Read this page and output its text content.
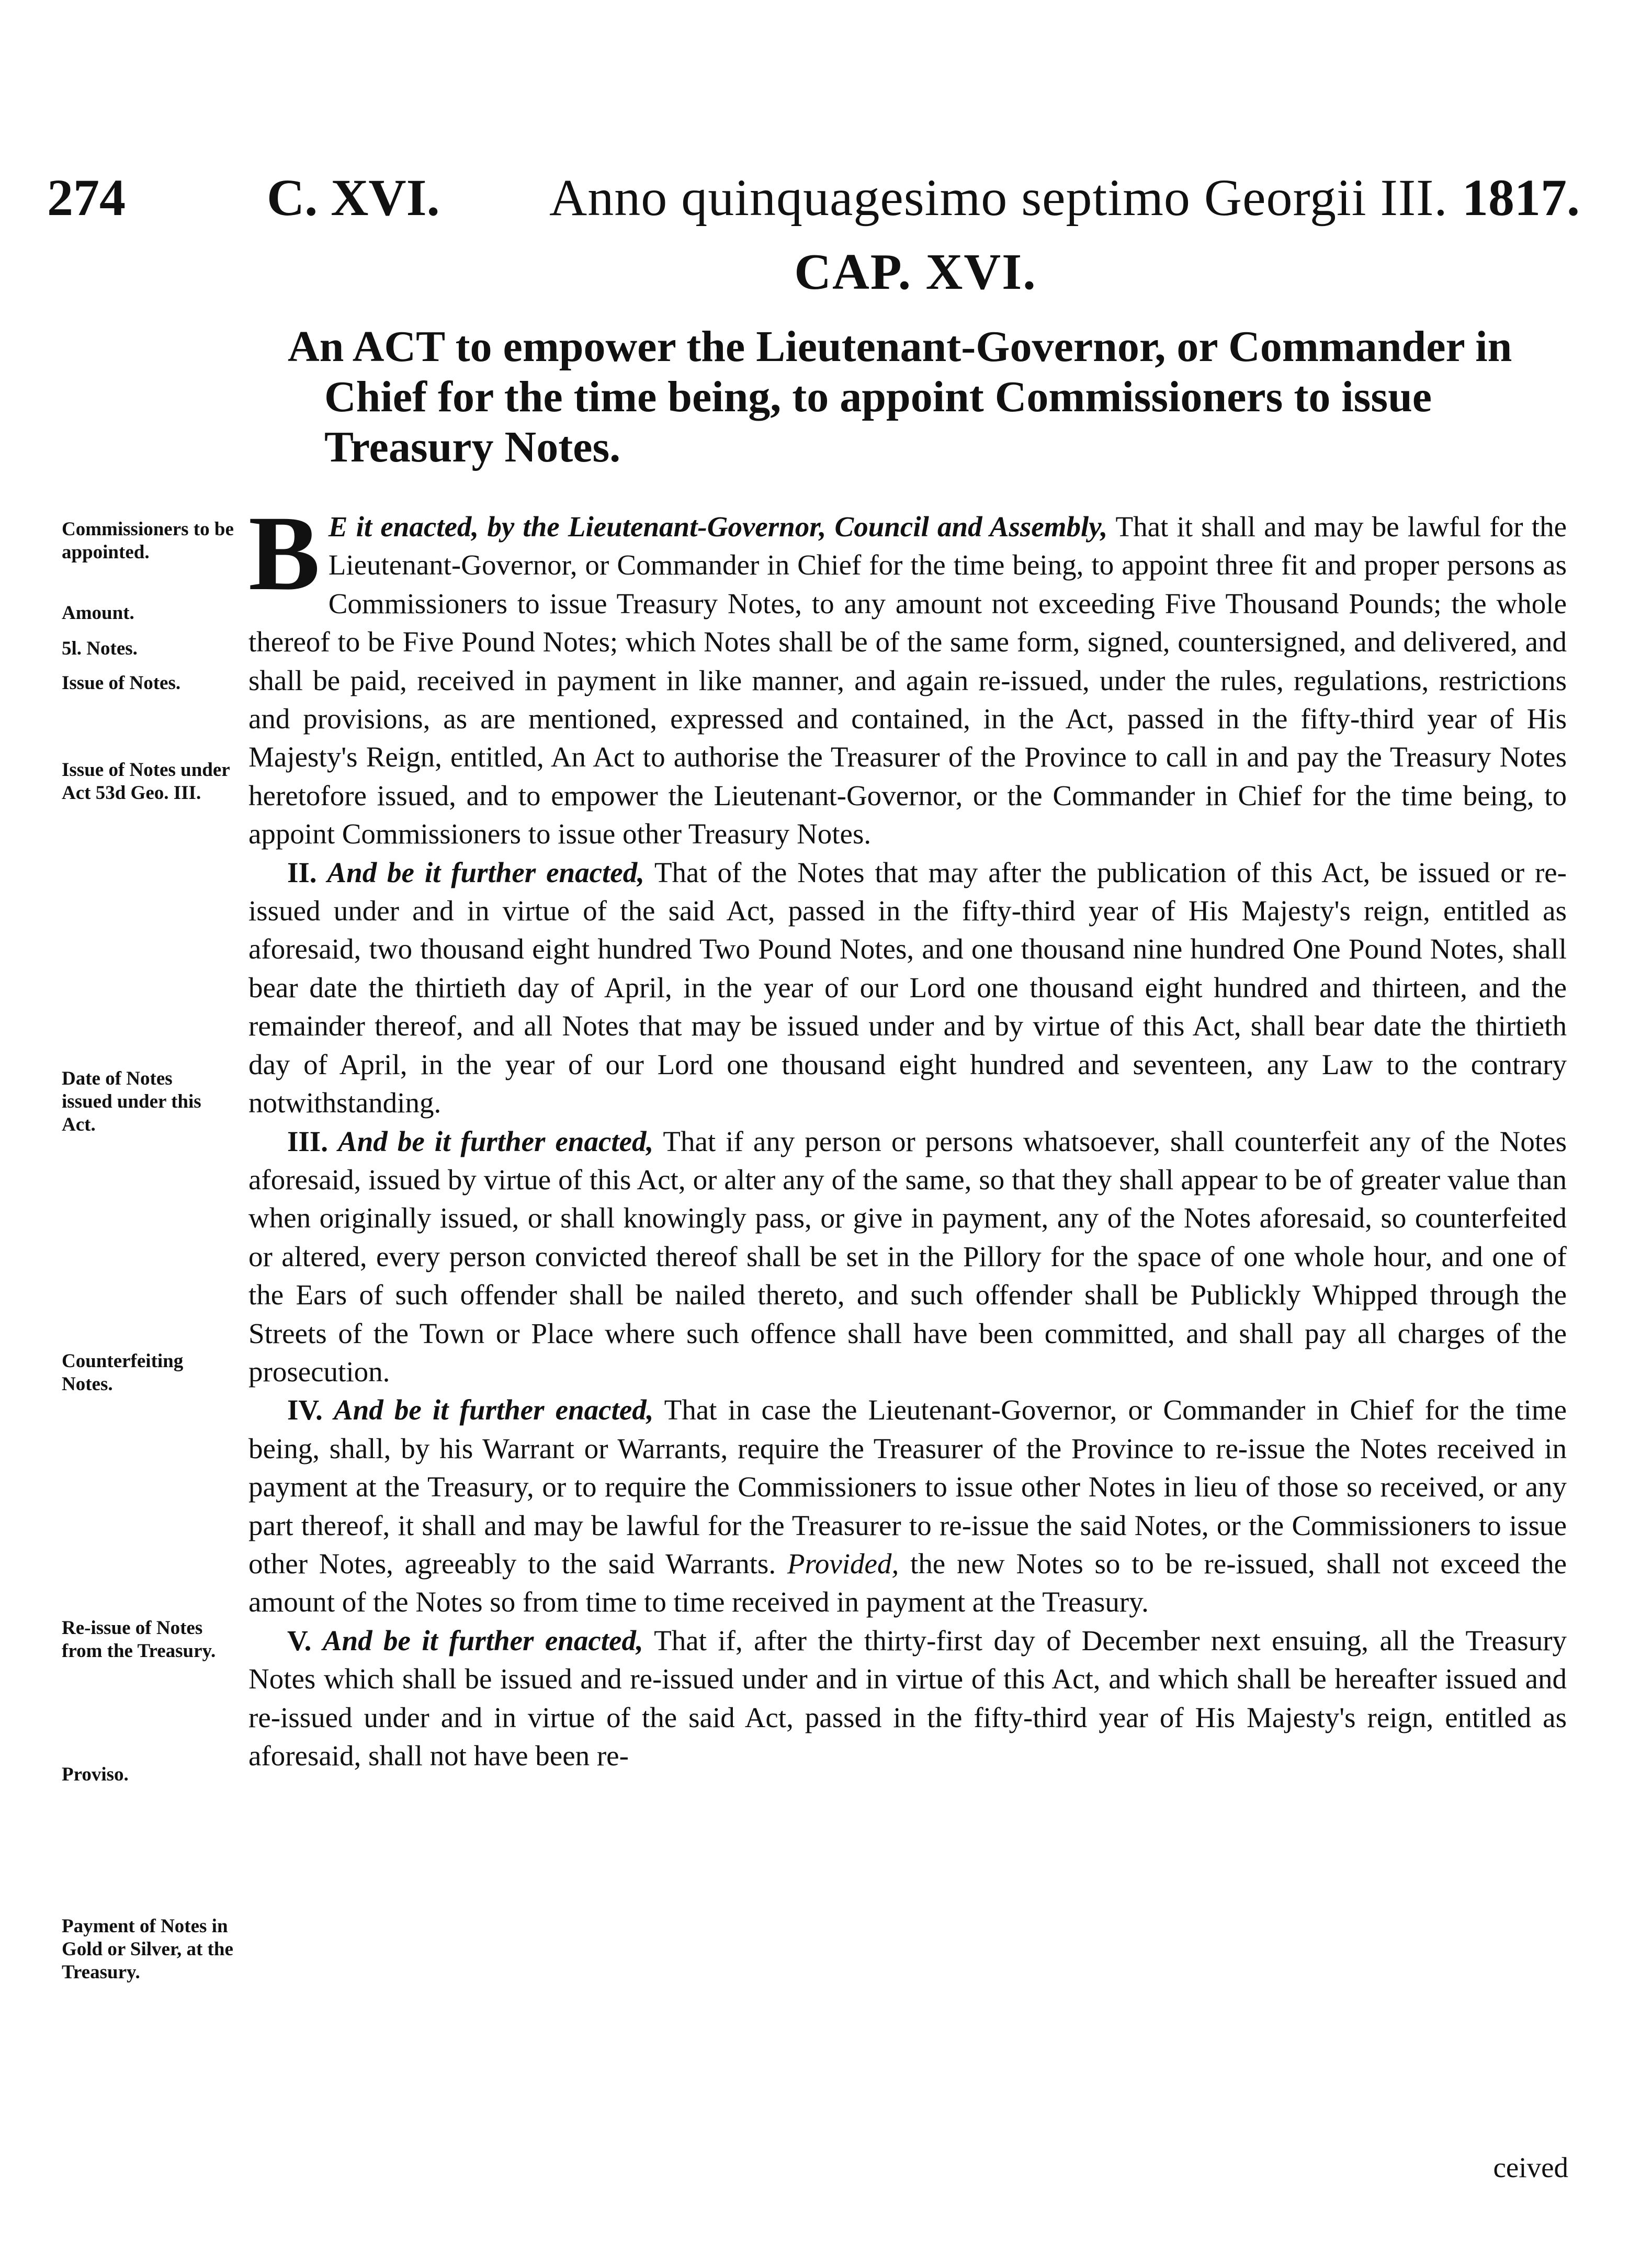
274	C. XVI. Anno quinquagesimo septimo Georgii III. 1817.
CAP. XVI.
An ACT to empower the Lieutenant-Governor, or Commander in Chief for the time being, to appoint Commissioners to issue Treasury Notes.
Commissioners to be appointed.
Amount.
5l. Notes.
Issue of Notes.
Issue of Notes under Act 53d Geo. III.
Date of Notes issued under this Act.
Counterfeiting Notes.
Re-issue of Notes from the Treasury.
Proviso.
Payment of Notes in Gold or Silver, at the Treasury.

B E it enacted, by the Lieutenant-Governor, Council and Assembly, That it shall and may be lawful for the Lieutenant-Governor, or Commander in Chief for the time being, to appoint three fit and proper persons as Commissioners to issue Treasury Notes, to any amount not exceeding Five Thousand Pounds; the whole thereof to be Five Pound Notes; which Notes shall be of the same form, signed, countersigned, and delivered, and shall be paid, received in payment in like manner, and again re-issued, under the rules, regulations, restrictions and provisions, as are mentioned, expressed and contained, in the Act, passed in the fifty-third year of His Majesty's Reign, entitled, An Act to authorise the Treasurer of the Province to call in and pay the Treasury Notes heretofore issued, and to empower the Lieutenant-Governor, or the Commander in Chief for the time being, to appoint Commissioners to issue other Treasury Notes.

II. And be it further enacted, That of the Notes that may after the publication of this Act, be issued or re-issued under and in virtue of the said Act, passed in the fifty-third year of His Majesty's reign, entitled as aforesaid, two thousand eight hundred Two Pound Notes, and one thousand nine hundred One Pound Notes, shall bear date the thirtieth day of April, in the year of our Lord one thousand eight hundred and thirteen, and the remainder thereof, and all Notes that may be issued under and by virtue of this Act, shall bear date the thirtieth day of April, in the year of our Lord one thousand eight hundred and seventeen, any Law to the contrary notwithstanding.

III. And be it further enacted, That if any person or persons whatsoever, shall counterfeit any of the Notes aforesaid, issued by virtue of this Act, or alter any of the same, so that they shall appear to be of greater value than when originally issued, or shall knowingly pass, or give in payment, any of the Notes aforesaid, so counterfeited or altered, every person convicted thereof shall be set in the Pillory for the space of one whole hour, and one of the Ears of such offender shall be nailed thereto, and such offender shall be Publickly Whipped through the Streets of the Town or Place where such offence shall have been committed, and shall pay all charges of the prosecution.

IV. And be it further enacted, That in case the Lieutenant-Governor, or Commander in Chief for the time being, shall, by his Warrant or Warrants, require the Treasurer of the Province to re-issue the Notes received in payment at the Treasury, or to require the Commissioners to issue other Notes in lieu of those so received, or any part thereof, it shall and may be lawful for the Treasurer to re-issue the said Notes, or the Commissioners to issue other Notes, agreeably to the said Warrants. Provided, the new Notes so to be re-issued, shall not exceed the amount of the Notes so from time to time received in payment at the Treasury.

V. And be it further enacted, That if, after the thirty-first day of December next ensuing, all the Treasury Notes which shall be issued and re-issued under and in virtue of this Act, and which shall be hereafter issued and re-issued under and in virtue of the said Act, passed in the fifty-third year of His Majesty's reign, entitled as aforesaid, shall not have been re-

ceived
